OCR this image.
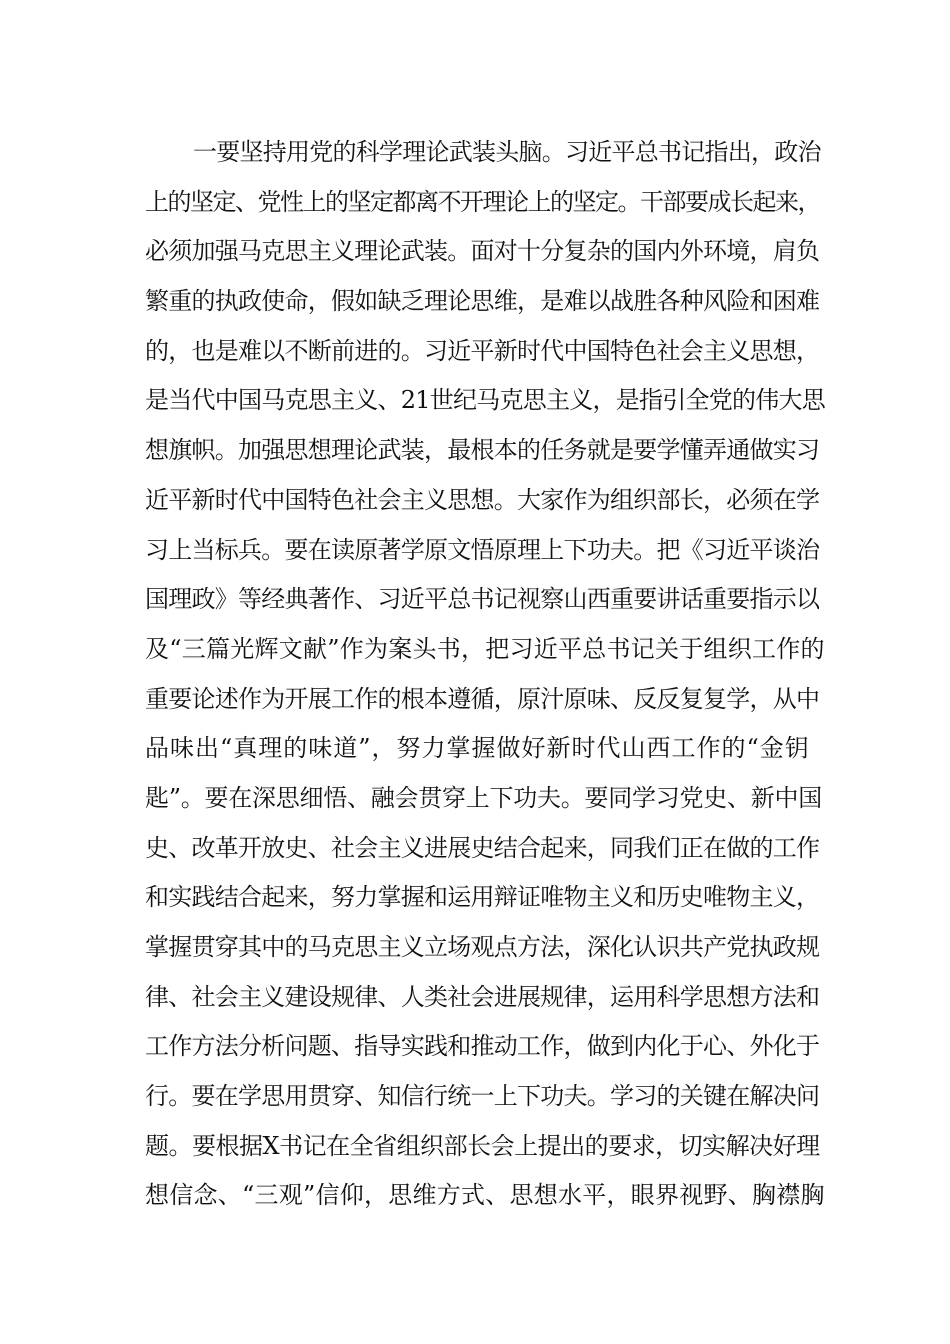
一要坚持用党的科学理论武装头脑。习近平总书记指出，政治
上的坚定、党性上的坚定都离不开理论上的坚定。干部要成长起来，
必须加强马克思主义理论武装。面对十分复杂的国内外环境，肩负
繁重的执政使命，假如缺乏理论思维，是难以战胜各种风险和困难
的，也是难以不断前进的。习近平新时代中国特色社会主义思想，
是当代中国马克思主义、21世纪马克思主义，是指引全党的伟大思
想旗帜。加强思想理论武装，最根本的任务就是要学懂弄通做实习
近平新时代中国特色社会主义思想。大家作为组织部长，必须在学
习上当标兵。要在读原著学原文悟原理上下功夫。把《习近平谈治
国理政》等经典著作、习近平总书记视察山西重要讲话重要指示以
及“三篇光辉文献”作为案头书，把习近平总书记关于组织工作的
重要论述作为开展工作的根本遵循，原汁原味、反反复复学，从中
品味出“真理的味道”，努力掌握做好新时代山西工作的“金钥
匙”。要在深思细悟、融会贯穿上下功夫。要同学习党史、新中国
史、改革开放史、社会主义进展史结合起来，同我们正在做的工作
和实践结合起来，努力掌握和运用辩证唯物主义和历史唯物主义，
掌握贯穿其中的马克思主义立场观点方法，深化认识共产党执政规
律、社会主义建设规律、人类社会进展规律，运用科学思想方法和
工作方法分析问题、指导实践和推动工作，做到内化于心、外化于
行。要在学思用贯穿、知信行统一上下功夫。学习的关键在解决问
题。要根据X书记在全省组织部长会上提出的要求，切实解决好理
想信念、“三观”信仰，思维方式、思想水平，眼界视野、胸襟胸
